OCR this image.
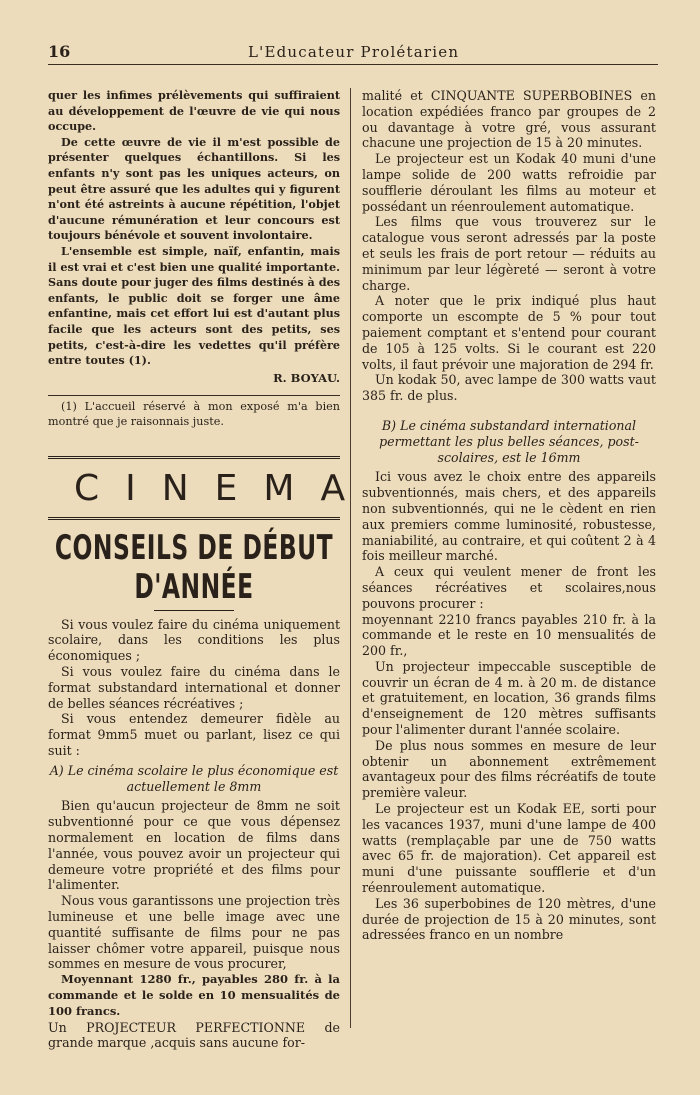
16	L'Educateur Prolétarien

quer les infimes prélèvements qui suffiraient au développement de l'œuvre de vie qui nous occupe.

De cette œuvre de vie il m'est possible de présenter quelques échantillons. Si les enfants n'y sont pas les uniques acteurs, on peut être assuré que les adultes qui y figurent n'ont été astreints à aucune répétition, l'objet d'aucune rémunération et leur concours est toujours bénévole et souvent involontaire.

L'ensemble est simple, naïf, enfantin, mais il est vrai et c'est bien une qualité importante. Sans doute pour juger des films destinés à des enfants, le public doit se forger une âme enfantine, mais cet effort lui est d'autant plus facile que les acteurs sont des petits, ses petits, c'est-à-dire les vedettes qu'il préfère entre toutes (1).

R. BOYAU.
(1) L'accueil réservé à mon exposé m'a bien montré que je raisonnais juste.
CINEMA
CONSEILS DE DÉBUT D'ANNÉE

Si vous voulez faire du cinéma uniquement scolaire, dans les conditions les plus économiques ;

Si vous voulez faire du cinéma dans le format substandard international et donner de belles séances récréatives ;

Si vous entendez demeurer fidèle au format 9mm5 muet ou parlant, lisez ce qui suit :

A) Le cinéma scolaire le plus économique est actuellement le 8mm

Bien qu'aucun projecteur de 8mm ne soit subventionné pour ce que vous dépensez normalement en location de films dans l'année, vous pouvez avoir un projecteur qui demeure votre propriété et des films pour l'alimenter.

Nous vous garantissons une projection très lumineuse et une belle image avec une quantité suffisante de films pour ne pas laisser chômer votre appareil, puisque nous sommes en mesure de vous procurer,

Moyennant 1280 fr., payables 280 fr. à la commande et le solde en 10 mensualités de 100 francs.

Un PROJECTEUR PERFECTIONNE de grande marque ,acquis sans aucune for-

malité et CINQUANTE SUPERBOBINES en location expédiées franco par groupes de 2 ou davantage à votre gré, vous assurant chacune une projection de 15 à 20 minutes.

Le projecteur est un Kodak 40 muni d'une lampe solide de 200 watts refroidie par soufflerie déroulant les films au moteur et possédant un réenroulement automatique.

Les films que vous trouverez sur le catalogue vous seront adressés par la poste et seuls les frais de port retour — réduits au minimum par leur légèreté — seront à votre charge.

A noter que le prix indiqué plus haut comporte un escompte de 5 % pour tout paiement comptant et s'entend pour courant de 105 à 125 volts. Si le courant est 220 volts, il faut prévoir une majoration de 294 fr.

Un kodak 50, avec lampe de 300 watts vaut 385 fr. de plus.

B) Le cinéma substandard international permettant les plus belles séances, post-scolaires, est le 16mm

Ici vous avez le choix entre des appareils subventionnés, mais chers, et des appareils non subventionnés, qui ne le cèdent en rien aux premiers comme luminosité, robustesse, maniabilité, au contraire, et qui coûtent 2 à 4 fois meilleur marché.

A ceux qui veulent mener de front les séances récréatives et scolaires,nous pouvons procurer :

moyennant 2210 francs payables 210 fr. à la commande et le reste en 10 mensualités de 200 fr.,

Un projecteur impeccable susceptible de couvrir un écran de 4 m. à 20 m. de distance et gratuitement, en location, 36 grands films d'enseignement de 120 mètres suffisants pour l'alimenter durant l'année scolaire.

De plus nous sommes en mesure de leur obtenir un abonnement extrêmement avantageux pour des films récréatifs de toute première valeur.

Le projecteur est un Kodak EE, sorti pour les vacances 1937, muni d'une lampe de 400 watts (remplaçable par une de 750 watts avec 65 fr. de majoration). Cet appareil est muni d'une puissante soufflerie et d'un réenroulement automatique.

Les 36 superbobines de 120 mètres, d'une durée de projection de 15 à 20 minutes, sont adressées franco en un nombre
